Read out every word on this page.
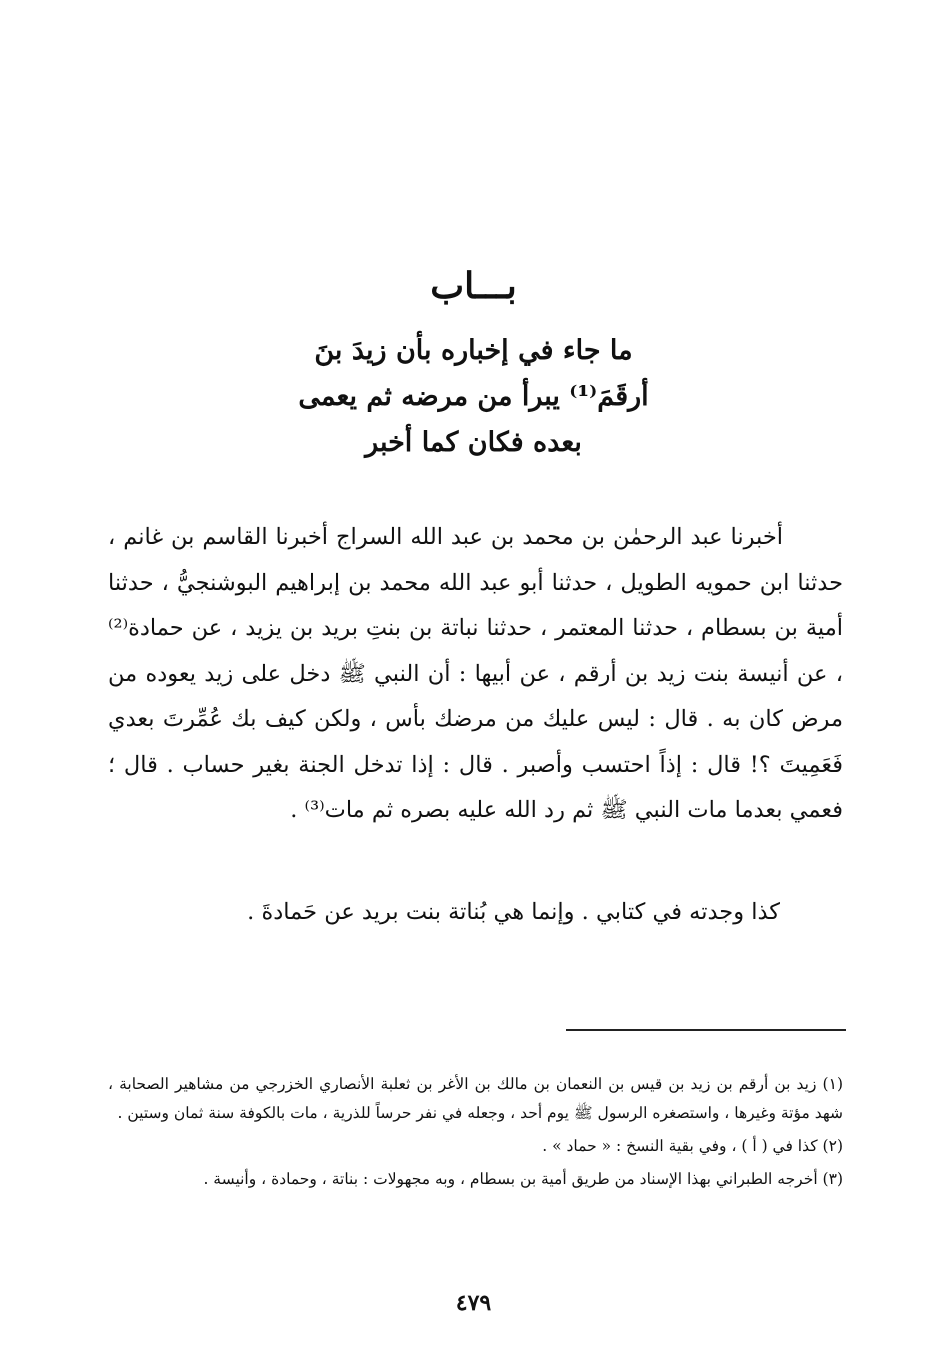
بـــاب
ما جاء في إخباره بأن زيدَ بنَ
أرقَمَ⁽¹⁾ يبرأ من مرضه ثم يعمى
بعده فكان كما أخبر

أخبرنا عبد الرحمٰن بن محمد بن عبد الله السراج أخبرنا القاسم بن غانم ، حدثنا ابن حمويه الطويل ، حدثنا أبو عبد الله محمد بن إبراهيم البوشنجيُّ ، حدثنا أمية بن بسطام ، حدثنا المعتمر ، حدثنا نباتة بن بنتِ بريد بن يزيد ، عن حمادة⁽²⁾ ، عن أنيسة بنت زيد بن أرقم ، عن أبيها : أن النبي ﷺ دخل على زيد يعوده من مرض كان به . قال : ليس عليك من مرضك بأس ، ولكن كيف بك عُمِّرتَ بعدي فَعَمِيتَ ؟! قال : إذاً احتسب وأصبر . قال : إذا تدخل الجنة بغير حساب . قال ؛ فعمي بعدما مات النبي ﷺ ثم رد الله عليه بصره ثم مات⁽³⁾ .

كذا وجدته في كتابي . وإنما هي بُناتة بنت بريد عن حَمادةَ .

(١) زيد بن أرقم بن زيد بن قيس بن النعمان بن مالك بن الأغر بن ثعلبة الأنصاري الخزرجي من مشاهير الصحابة ، شهد مؤتة وغيرها ، واستصغره الرسول ﷺ يوم أحد ، وجعله في نفر حرساً للذرية ، مات بالكوفة سنة ثمان وستين .

(٢) كذا في ( أ ) ، وفي بقية النسخ : « حماد » .

(٣) أخرجه الطبراني بهذا الإسناد من طريق أمية بن بسطام ، وبه مجهولات : بناتة ، وحمادة ، وأنيسة .

٤٧٩
